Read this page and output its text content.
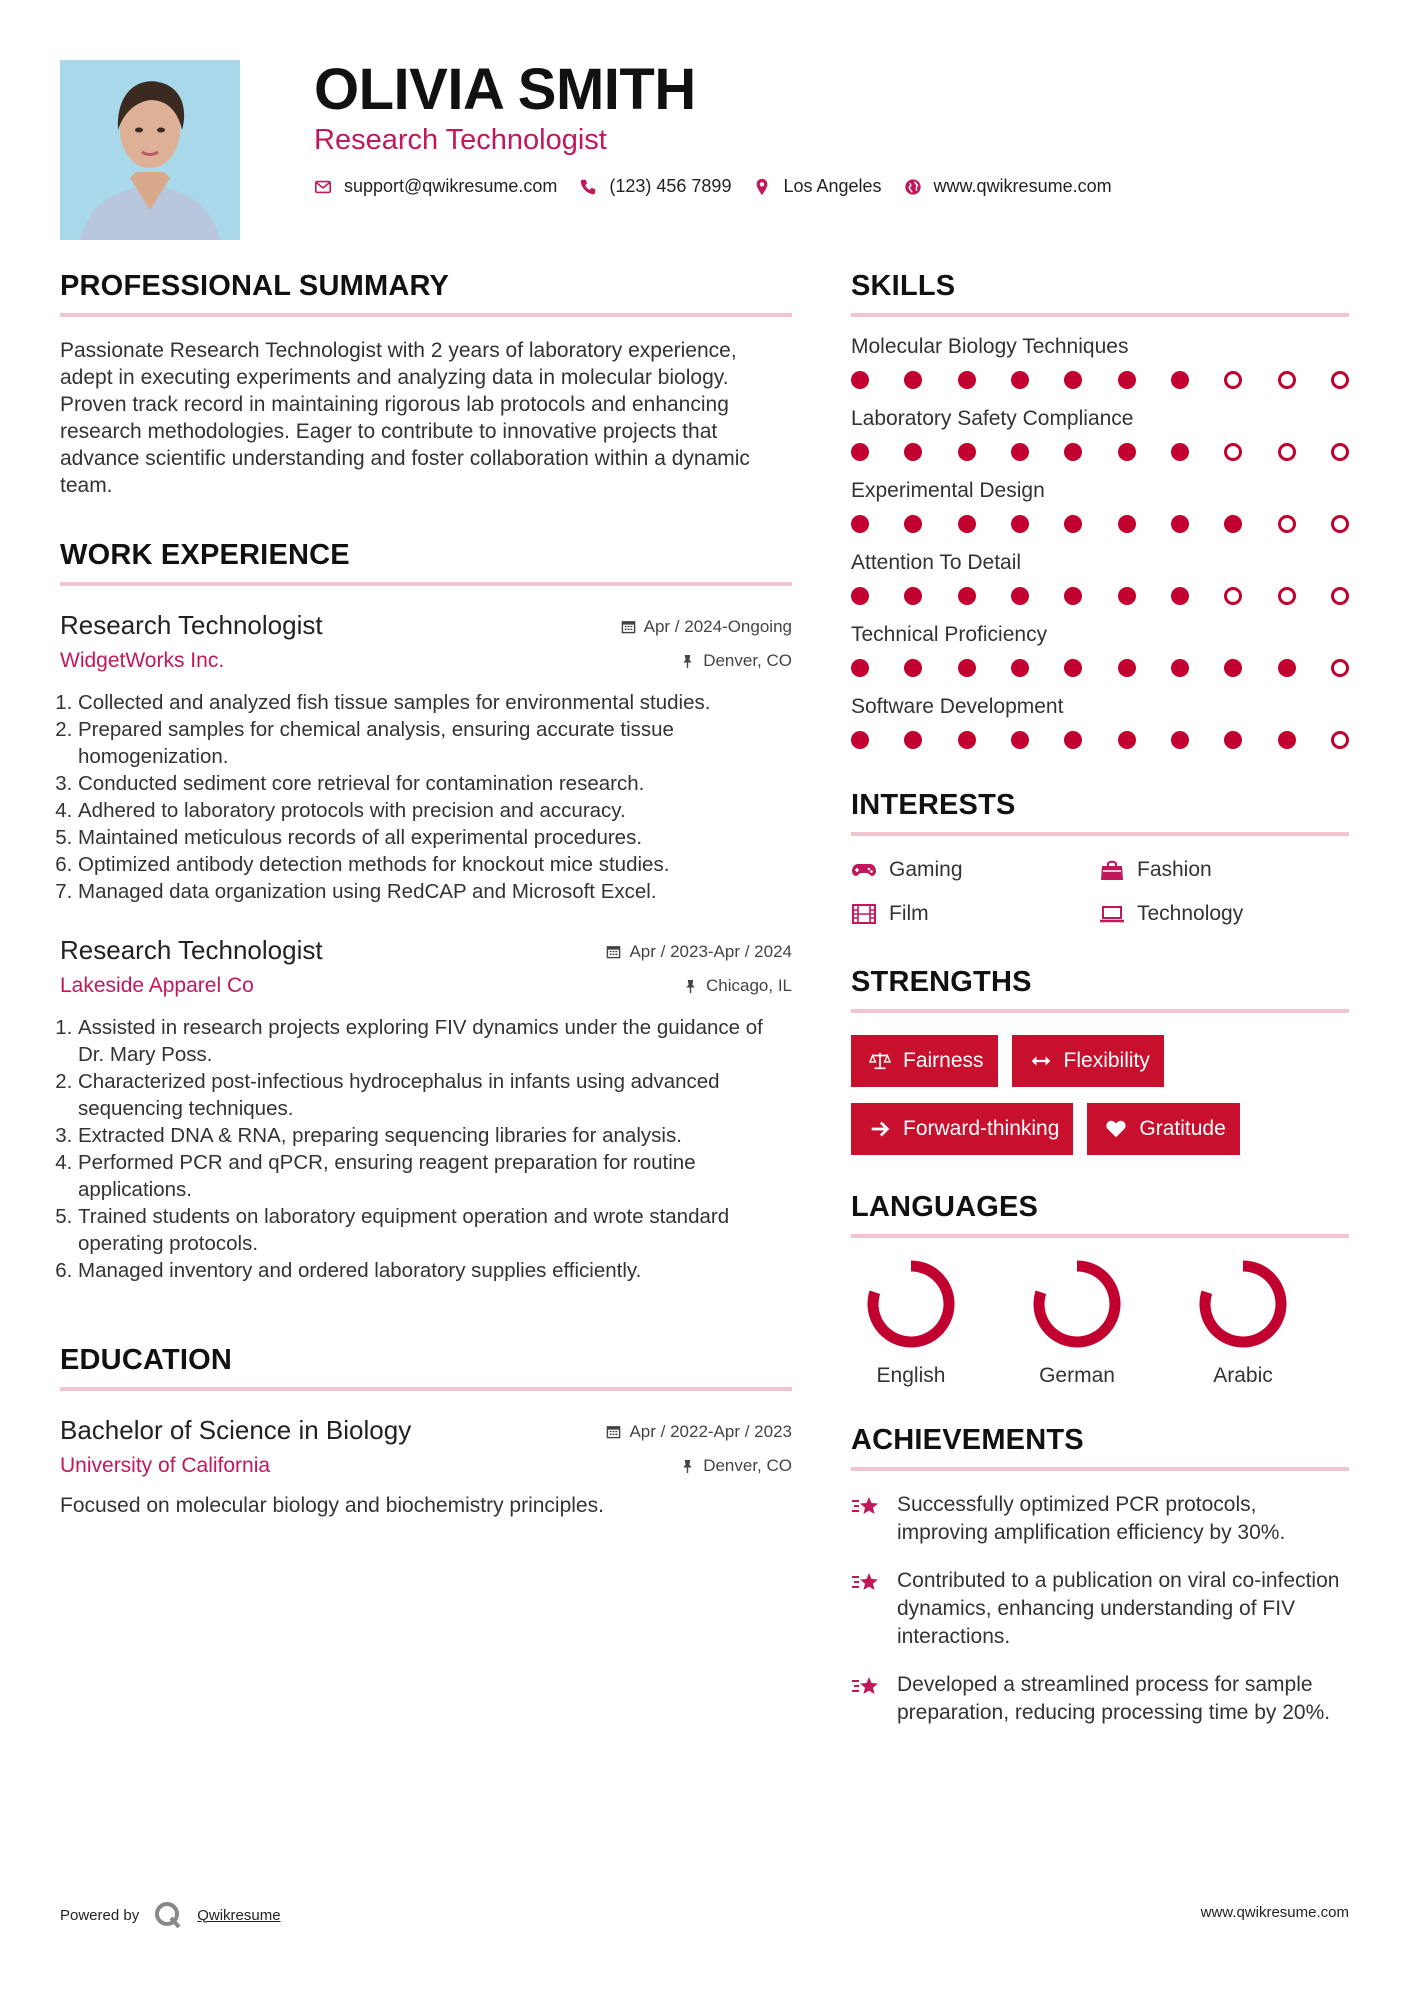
OLIVIA SMITH
Research Technologist
support@qwikresume.com	(123) 456 7899	Los Angeles	www.qwikresume.com
PROFESSIONAL SUMMARY

Passionate Research Technologist with 2 years of laboratory experience, adept in executing experiments and analyzing data in molecular biology. Proven track record in maintaining rigorous lab protocols and enhancing research methodologies. Eager to contribute to innovative projects that advance scientific understanding and foster collaboration within a dynamic team.

WORK EXPERIENCE
Research Technologist	Apr / 2024-Ongoing
WidgetWorks Inc.	Denver, CO
1. Collected and analyzed fish tissue samples for environmental studies.
2. Prepared samples for chemical analysis, ensuring accurate tissue homogenization.
3. Conducted sediment core retrieval for contamination research.
4. Adhered to laboratory protocols with precision and accuracy.
5. Maintained meticulous records of all experimental procedures.
6. Optimized antibody detection methods for knockout mice studies.
7. Managed data organization using RedCAP and Microsoft Excel.
Research Technologist	Apr / 2023-Apr / 2024
Lakeside Apparel Co	Chicago, IL
1. Assisted in research projects exploring FIV dynamics under the guidance of Dr. Mary Poss.
2. Characterized post-infectious hydrocephalus in infants using advanced sequencing techniques.
3. Extracted DNA & RNA, preparing sequencing libraries for analysis.
4. Performed PCR and qPCR, ensuring reagent preparation for routine applications.
5. Trained students on laboratory equipment operation and wrote standard operating protocols.
6. Managed inventory and ordered laboratory supplies efficiently.
EDUCATION
Bachelor of Science in Biology	Apr / 2022-Apr / 2023
University of California	Denver, CO

Focused on molecular biology and biochemistry principles.

SKILLS
Molecular Biology Techniques
Laboratory Safety Compliance
Experimental Design
Attention To Detail
Technical Proficiency
Software Development
INTERESTS
Gaming	Fashion
Film	Technology
STRENGTHS
Fairness	Flexibility
Forward-thinking	Gratitude
LANGUAGES
English	German	Arabic
ACHIEVEMENTS
Successfully optimized PCR protocols, improving amplification efficiency by 30%.
Contributed to a publication on viral co-infection dynamics, enhancing understanding of FIV interactions.
Developed a streamlined process for sample preparation, reducing processing time by 20%.
Powered by	Qwikresume	www.qwikresume.com
